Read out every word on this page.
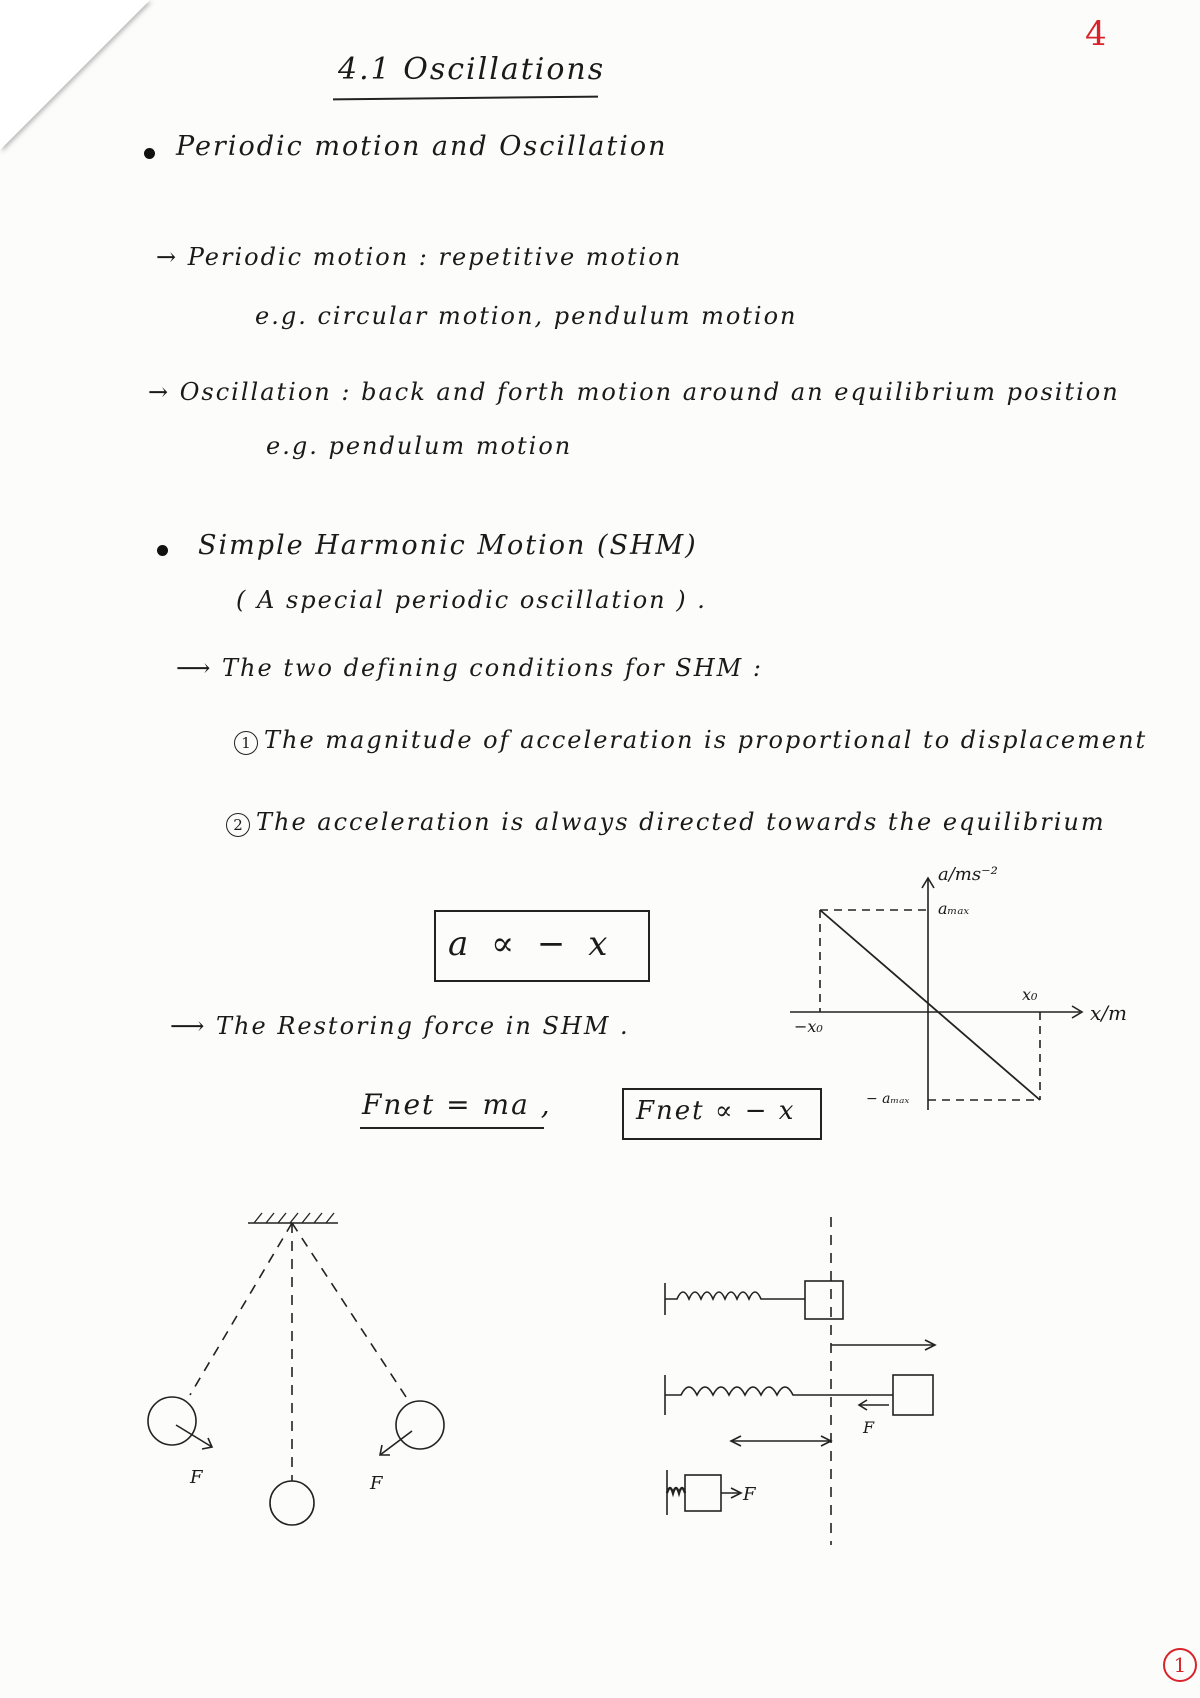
4
4.1 Oscillations
Periodic motion and Oscillation
→ Periodic motion : repetitive motion
e.g. circular motion, pendulum motion
→ Oscillation : back and forth motion around an equilibrium position
e.g. pendulum motion
Simple Harmonic Motion (SHM)
( A special periodic oscillation ) .
⟶ The two defining conditions for SHM :
1 The magnitude of acceleration is proportional to displacement
2 The acceleration is always directed towards the equilibrium
a ∝ − x
⟶ The Restoring force in SHM .
Fnet = ma ,	Fnet ∝ − x
a/ms⁻²
aₘₐₓ
x₀
x/m
−x₀
− aₘₐₓ
F	F
F
F
1
